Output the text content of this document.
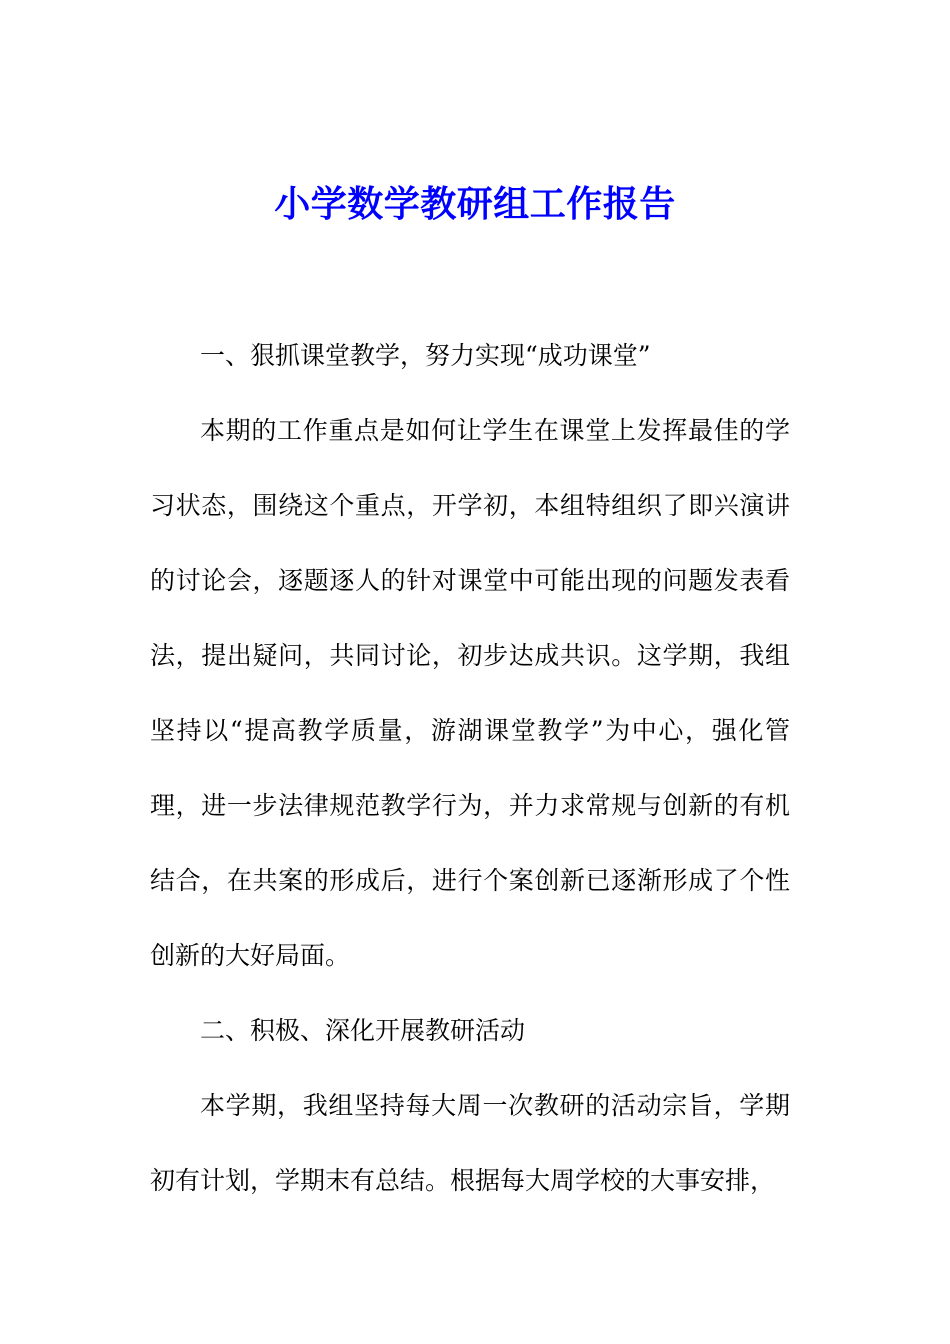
小学数学教研组工作报告

一、狠抓课堂教学，努力实现“成功课堂”

本期的工作重点是如何让学生在课堂上发挥最佳的学习状态，围绕这个重点，开学初，本组特组织了即兴演讲的讨论会，逐题逐人的针对课堂中可能出现的问题发表看法，提出疑问，共同讨论，初步达成共识。这学期，我组坚持以“提高教学质量，游湖课堂教学”为中心，强化管理，进一步法律规范教学行为，并力求常规与创新的有机结合，在共案的形成后，进行个案创新已逐渐形成了个性创新的大好局面。

二、积极、深化开展教研活动

本学期，我组坚持每大周一次教研的活动宗旨，学期初有计划，学期末有总结。根据每大周学校的大事安排，
